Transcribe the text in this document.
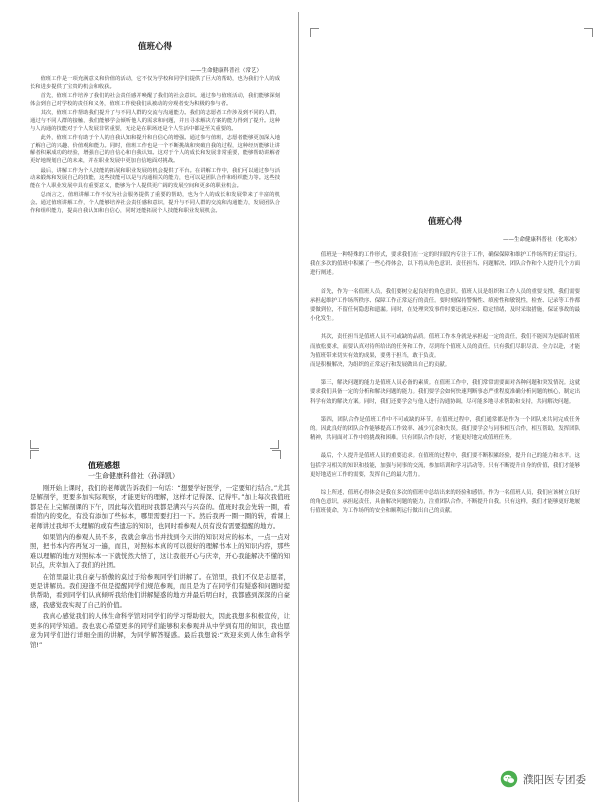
值班心得
——生命健康科普社（常艺）

值班工作是一项充满意义和价值的活动，它不仅为学校和同学们提供了巨大的帮助，也为我们个人的成长和进步提供了宝贵的机会和收获。

首先，值班工作培养了我们的社会责任感并唤醒了我们的社会意识。通过参与值班活动，我们能够深刻体会到自己对学校的责任和义务，值班工作使我们从被动的旁观者变为积极的参与者。

其次，值班工作帮助我们提升了与不同人群的交流与沟通能力。我们的志愿者工作涉及到不同的人群，通过与不同人群的接触，我们能够学会倾听他人的需求和问题，并且寻求解决方案的能力得到了提升。这种与人沟通的技能对于个人发展非常重要，无论是在职场还是个人生活中都是至关重要的。

此外，值班工作有助于个人的自我认知和提升和自信心的增强。通过参与值班，志愿者能够更加深入地了解自己的兴趣、价值观和能力。同时，值班工作也是一个不断挑战和突破自我的过程，这种经历能够让讲解者积累成功的经验，增强自己的自信心和自我认知。这对于个人的成长和发展非常重要，能够帮助讲解者更好地规划自己的未来，并在职业发展中更加自信地面对挑战。

最后，讲解工作为个人技能的拓展和职业发展的机会提供了平台。在讲解工作中，我们可以通过参与活动来锻炼和发展自己的技能，这些技能可以是与沟通相关的能力，也可以是团队合作和组织能力等。这些技能在个人职业发展中具有重要意义，能够为个人提供更广阔的发展空间和更多的职业机会。

总而言之，值班讲解工作不仅为社会服务提供了重要的帮助，也为个人的成长和发展带来了丰富的机会。通过值班讲解工作，个人能够培养社会责任感和意识，提升与不同人群的交流和沟通能力，发展团队合作和组织能力，提高自我认知和自信心，同时还能拓展个人技能和职业发展机会。

值班心得
——生命健康科普社（化寒冰）

值班是一种特殊的工作形式，要求我们在一定的时间段内专注于工作，确保保障和维护工作场所的正常运行。我在多次的值班中积累了一些心得体会，以下将从角色意识、责任担当、问题解决、团队合作和个人提升几个方面进行阐述。

首先，作为一名值班人员，我们要树立起良好的角色意识。值班人员是组织和工作人员的重要支撑，我们需要承担起维护工作场所秩序、保障工作正常运行的责任。要时刻保持警惕性、缜密性和敏锐性，检查、记录等工作都要做到位，不留任何隐患和遗漏。同时，在处理突发事件时要迅速反应、稳定情绪，及时采取措施，保证事故的最小化发生。

其次，责任担当是值班人员不可或缺的品质。值班工作本身就是承担起一定的责任，我们不能因为是临时值班而放松要求，而要认真对待所给出的任务和工作，尽到每个值班人员的责任。只有我们尽职尽责、全力以赴，才能为值班带来切实有效的成果，要勇于担当，敢于负责。

而是积极解决，为组织的正常运行和发展做出自己的贡献。

第三，解决问题的能力是值班人员必备的素质。在值班工作中，我们常常需要面对各种问题和突发情况。这就要求我们具备一定的分析和解决问题的能力。我们要学会如何快速判断事态严重程度准确分析问题的核心，制定出科学有效的解决方案。同时，我们还要学会与他人进行沟通协调，尽可能多地寻求帮助和支持，共同解决问题。

第四，团队合作是值班工作中不可或缺的环节。在值班过程中，我们通常都是作为一个团队来共同完成任务的。因此良好的团队合作能够提高工作效率、减少冗余和失误。我们要学会与同事相互合作，相互帮助，发挥团队精神，共同面对工作中的挑战和困难。只有团队合作良好，才能更好地完成值班任务。

最后，个人提升是值班人员的重要追求。在值班的过程中，我们要不断积累经验，提升自己的能力和水平。这包括学习相关的知识和技能，加强与同事的交流，参加培训和学习活动等。只有不断提升自身的价值，我们才能够更好地适应工作的需要，发挥自己的最大潜力。

综上所述，值班心得体会是我在多次的值班中总结出来的经验和感悟。作为一名值班人员，我们应该树立良好的角色意识，承担起责任，具备解决问题的能力，注重团队合作，不断提升自我。只有这样，我们才能够更好地履行值班使命，为工作场所的安全和顺利运行做出自己的贡献。

值班感想
一生命健康科普社（孙泽凯）

刚开始上课时，我们的老师就告诉我们一句话：“想要学好医学，一定要知行结合。”尤其是解剖学，更要多加实际观察，才能更好的理解，这样才记得深、记得牢。”加上每次我值班都是在上完解剖课的下午，因此每次值班时我都是满兴与兴奋的。值班时我会先转一圈，看看馆内的变化，有没有添加了些标本，哪里需要打扫一下。然后我再一圈一圈的转，看课上老师讲过我却不太理解的或有些遗忘的知识，也同时看参观人员有没有需要提醒的地方。

如果馆内的参观人员不多，我就会拿出书并找到今天讲的知识对应的标本，一点一点对照，把书本内容再复习一遍，而且，对照标本真的可以很好的理解书本上的知识内容，那些难以理解的地方对照标本一下就恍然大悟了，这让我很开心与庆幸，开心我能解决不懂的知识点，庆幸加入了我们的社团。

在馆里最让我自豪与骄傲的莫过于给参观同学们讲解了。在馆里，我们不仅是志愿者，更是讲解员。我们迎逢不但是提醒同学们规范参观，而且是为了在同学们有疑惑和问题时提供帮助，看到同学们认真倾听我给他们讲解疑惑的地方并最后明白时，我都感到深深的自豪感，我感觉我实现了自己的价值。

我真心感觉我们的人体生命科学馆对同学们的学习帮助很大，因此我想多积极宣传，让更多的同学知道。我也衷心希望更多的同学们能够积来参观并从中学到有用的知识，我也愿意为同学们进行详细全面的讲解，为同学解答疑惑。最后我想说:“欢迎来到人体生命科学馆!”

濮阳医专团委
